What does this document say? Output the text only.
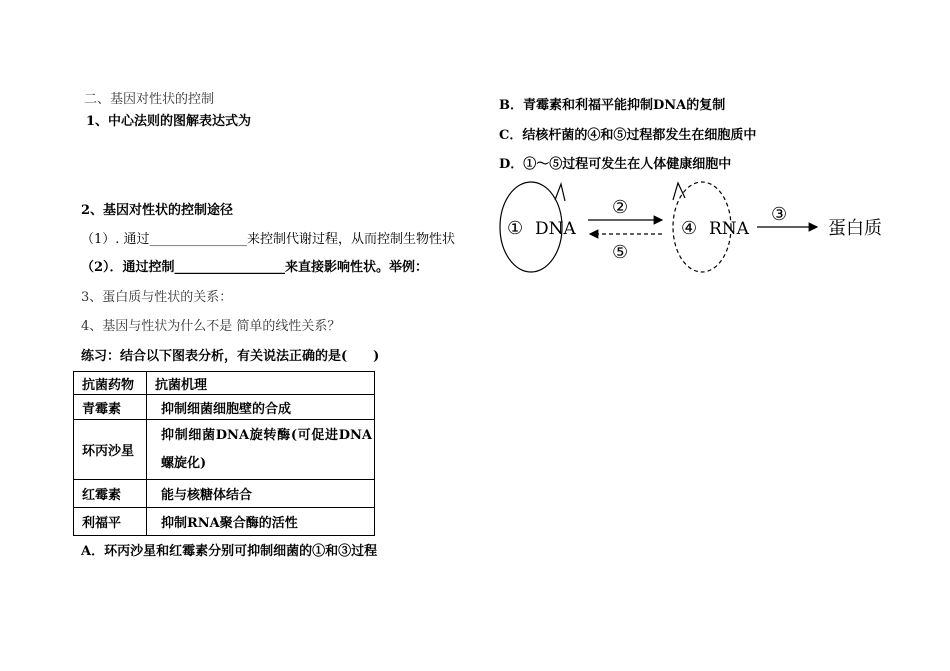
二、基因对性状的控制
1、中心法则的图解表达式为
2、基因对性状的控制途径
（1）. 通过_______________来控制代谢过程，从而控制生物性状
（2）．通过控制_________________来直接影响性状。举例：
3、蛋白质与性状的关系：
4、基因与性状为什么不是 简单的线性关系？
练习：结合以下图表分析，有关说法正确的是(　　)
抗菌药物	抗菌机理
青霉素	抑制细菌细胞壁的合成
环丙沙星	抑制细菌DNA旋转酶(可促进DNA螺旋化)
红霉素	能与核糖体结合
利福平	抑制RNA聚合酶的活性
A．环丙沙星和红霉素分别可抑制细菌的①和③过程
B．青霉素和利福平能抑制DNA的复制
C．结核杆菌的④和⑤过程都发生在细胞质中
D．①～⑤过程可发生在人体健康细胞中
① DNA	④ RNA
②
⑤
③
蛋白质
